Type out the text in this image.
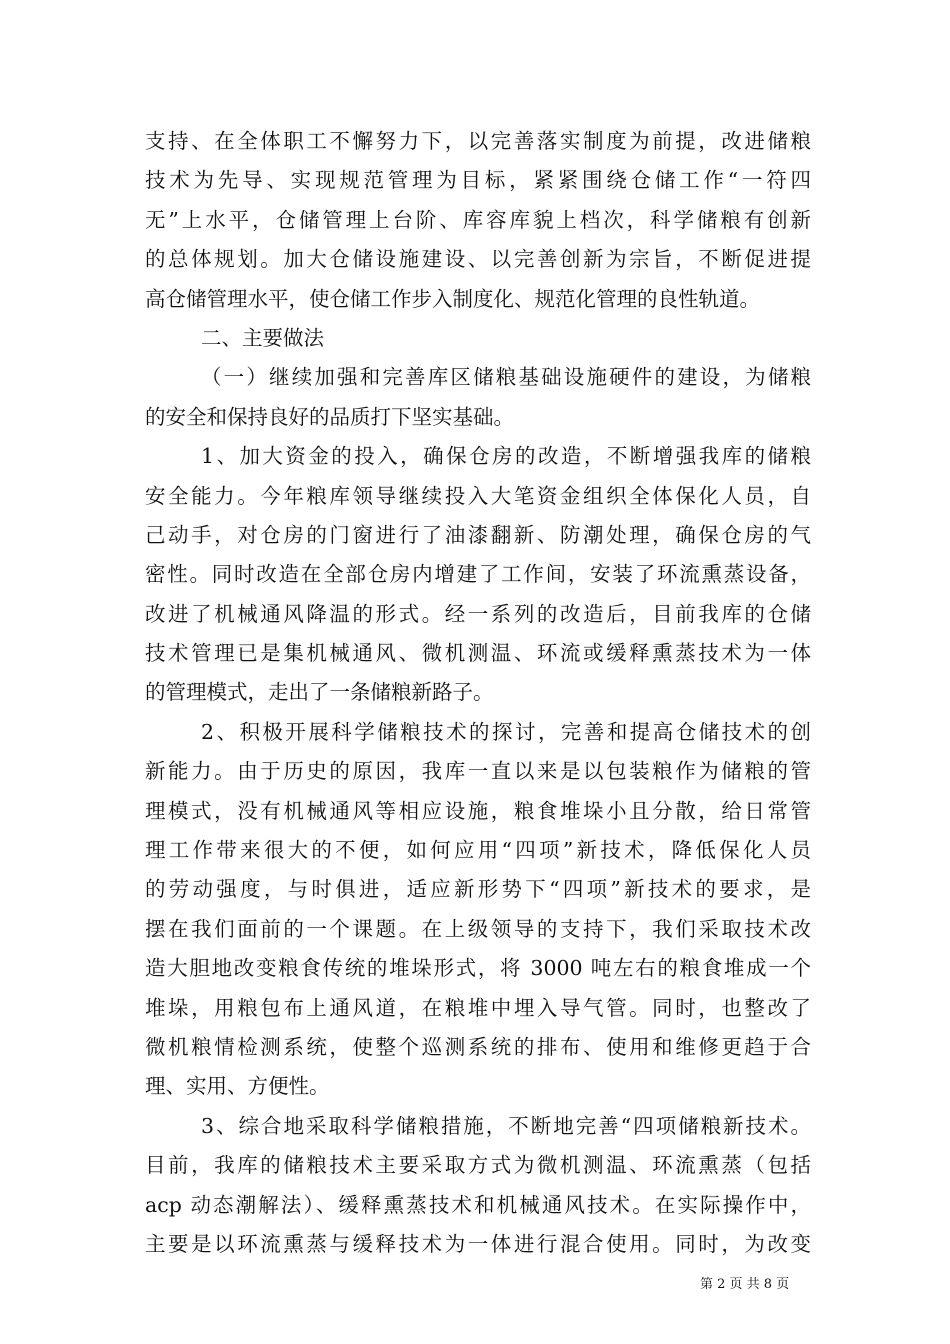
支持、在全体职工不懈努力下，以完善落实制度为前提，改进储粮
技术为先导、实现规范管理为目标，紧紧围绕仓储工作“一符四
无”上水平，仓储管理上台阶、库容库貌上档次，科学储粮有创新
的总体规划。加大仓储设施建设、以完善创新为宗旨，不断促进提
高仓储管理水平，使仓储工作步入制度化、规范化管理的良性轨道。
二、主要做法
（一）继续加强和完善库区储粮基础设施硬件的建设，为储粮
的安全和保持良好的品质打下坚实基础。
1、加大资金的投入，确保仓房的改造，不断增强我库的储粮
安全能力。今年粮库领导继续投入大笔资金组织全体保化人员，自
己动手，对仓房的门窗进行了油漆翻新、防潮处理，确保仓房的气
密性。同时改造在全部仓房内增建了工作间，安装了环流熏蒸设备，
改进了机械通风降温的形式。经一系列的改造后，目前我库的仓储
技术管理已是集机械通风、微机测温、环流或缓释熏蒸技术为一体
的管理模式，走出了一条储粮新路子。
2、积极开展科学储粮技术的探讨，完善和提高仓储技术的创
新能力。由于历史的原因，我库一直以来是以包装粮作为储粮的管
理模式，没有机械通风等相应设施，粮食堆垛小且分散，给日常管
理工作带来很大的不便，如何应用“四项”新技术，降低保化人员
的劳动强度，与时俱进，适应新形势下“四项”新技术的要求，是
摆在我们面前的一个课题。在上级领导的支持下，我们采取技术改
造大胆地改变粮食传统的堆垛形式，将 3000 吨左右的粮食堆成一个
堆垛，用粮包布上通风道，在粮堆中埋入导气管。同时，也整改了
微机粮情检测系统，使整个巡测系统的排布、使用和维修更趋于合
理、实用、方便性。
3、综合地采取科学储粮措施，不断地完善“四项储粮新技术。
目前，我库的储粮技术主要采取方式为微机测温、环流熏蒸（包括
acp 动态潮解法）、缓释熏蒸技术和机械通风技术。在实际操作中，
主要是以环流熏蒸与缓释技术为一体进行混合使用。同时，为改变
第 2 页 共 8 页
